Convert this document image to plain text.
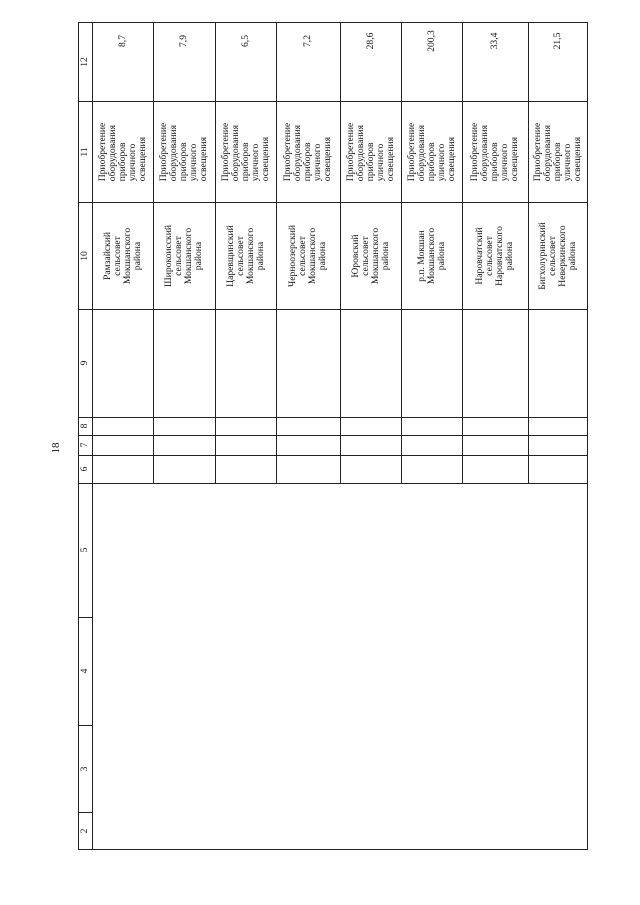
18
12
11
10
9
8
7
6
5
4
3
2
8,7
Приобретение
оборудования
приборов
уличного
освещения
Рамзайский
сельсовет
Мокшанского
района
7,9
Приобретение
оборудования
приборов
уличного
освещения
Широкоисский
сельсовет
Мокшанского
района
6,5
Приобретение
оборудования
приборов
уличного
освещения
Царевщинский
сельсовет
Мокшанского
района
7,2
Приобретение
оборудования
приборов
уличного
освещения
Черноозерский
сельсовет
Мокшанского
района
28,6
Приобретение
оборудования
приборов
уличного
освещения
Юровский
сельсовет
Мокшанского
района
200,3
Приобретение
оборудования
приборов
уличного
освещения
р.п. Мокшан
Мокшанского
района
33,4
Приобретение
оборудования
приборов
уличного
освещения
Наровчатский
сельсовет
Наровчатского
района
21,5
Приобретение
оборудования
приборов
уличного
освещения
Бигхолуринский
сельсовет
Неверкинского
района
